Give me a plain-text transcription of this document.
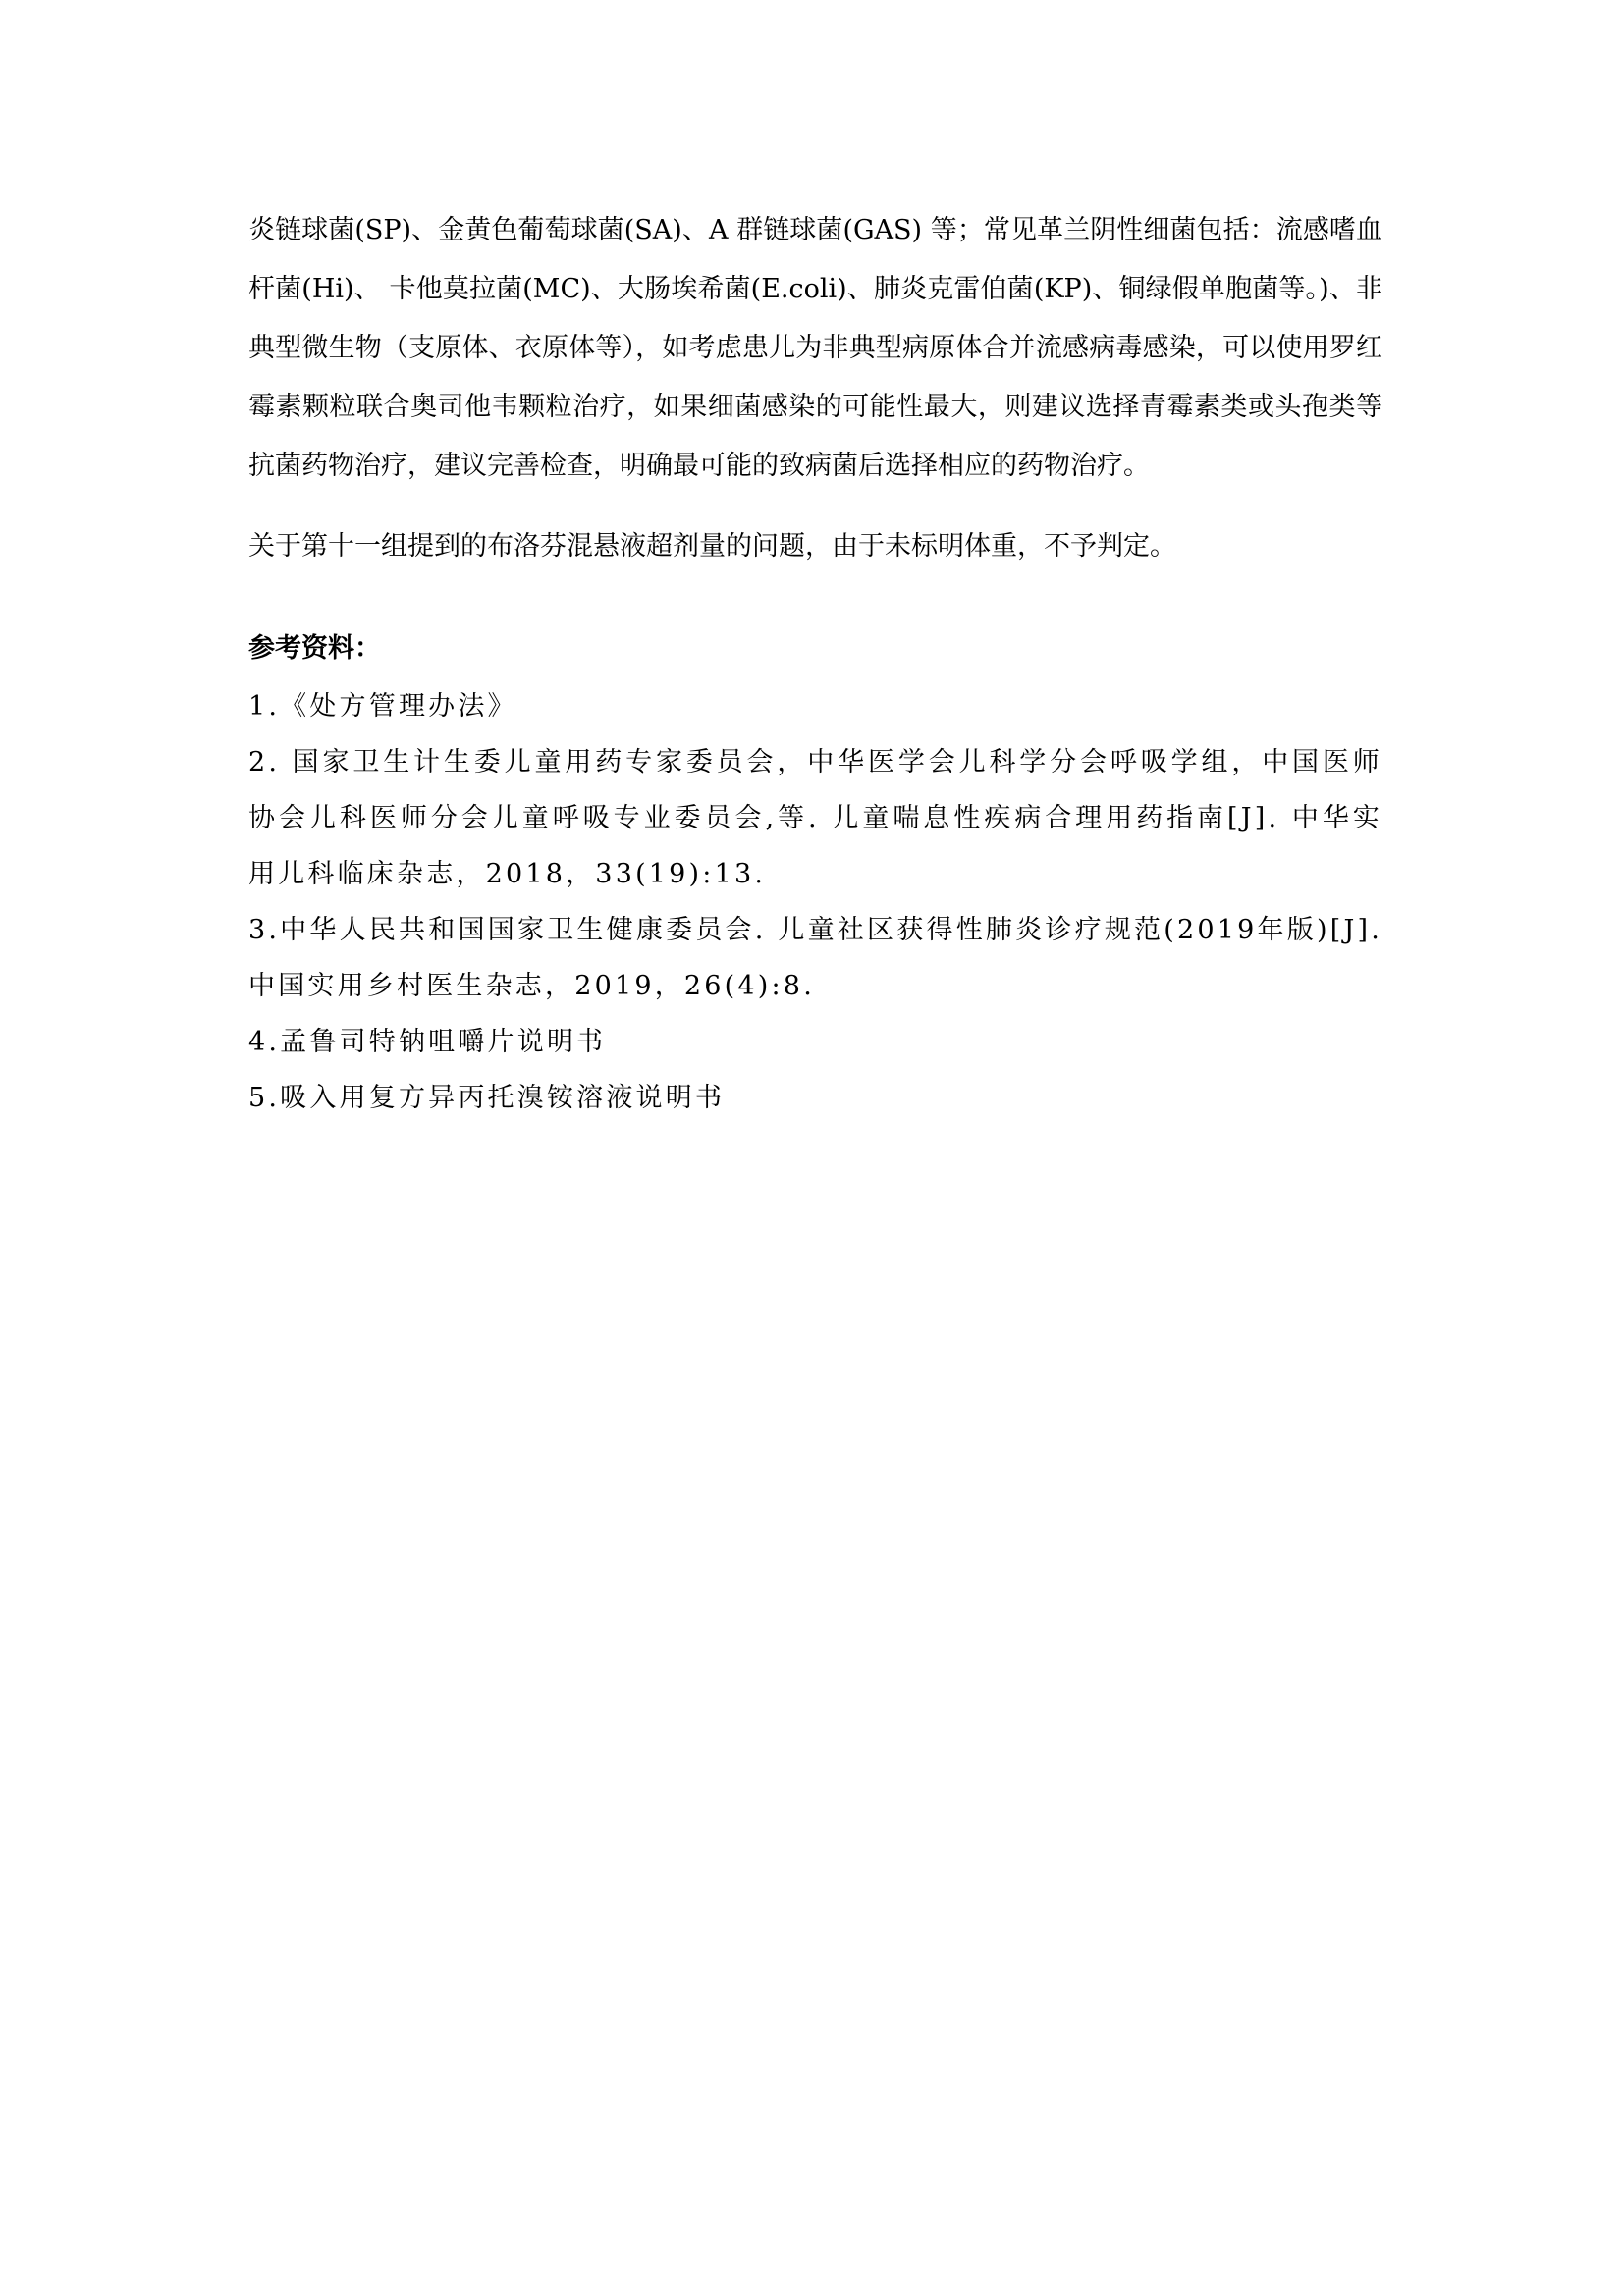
炎链球菌(SP)、金黄色葡萄球菌(SA)、A 群链球菌(GAS) 等；常见革兰阴性细菌包括：流感嗜血杆菌(Hi)、 卡他莫拉菌(MC)、大肠埃希菌(E.coli)、肺炎克雷伯菌(KP)、铜绿假单胞菌等。)、非典型微生物（支原体、衣原体等），如考虑患儿为非典型病原体合并流感病毒感染，可以使用罗红霉素颗粒联合奥司他韦颗粒治疗，如果细菌感染的可能性最大，则建议选择青霉素类或头孢类等抗菌药物治疗，建议完善检查，明确最可能的致病菌后选择相应的药物治疗。

关于第十一组提到的布洛芬混悬液超剂量的问题，由于未标明体重，不予判定。

参考资料：

1.《处方管理办法》
2. 国家卫生计生委儿童用药专家委员会，中华医学会儿科学分会呼吸学组，中国医师协会儿科医师分会儿童呼吸专业委员会,等. 儿童喘息性疾病合理用药指南[J]. 中华实用儿科临床杂志，2018，33(19):13.
3.中华人民共和国国家卫生健康委员会. 儿童社区获得性肺炎诊疗规范(2019年版)[J]. 中国实用乡村医生杂志，2019，26(4):8.
4.孟鲁司特钠咀嚼片说明书
5.吸入用复方异丙托溴铵溶液说明书
